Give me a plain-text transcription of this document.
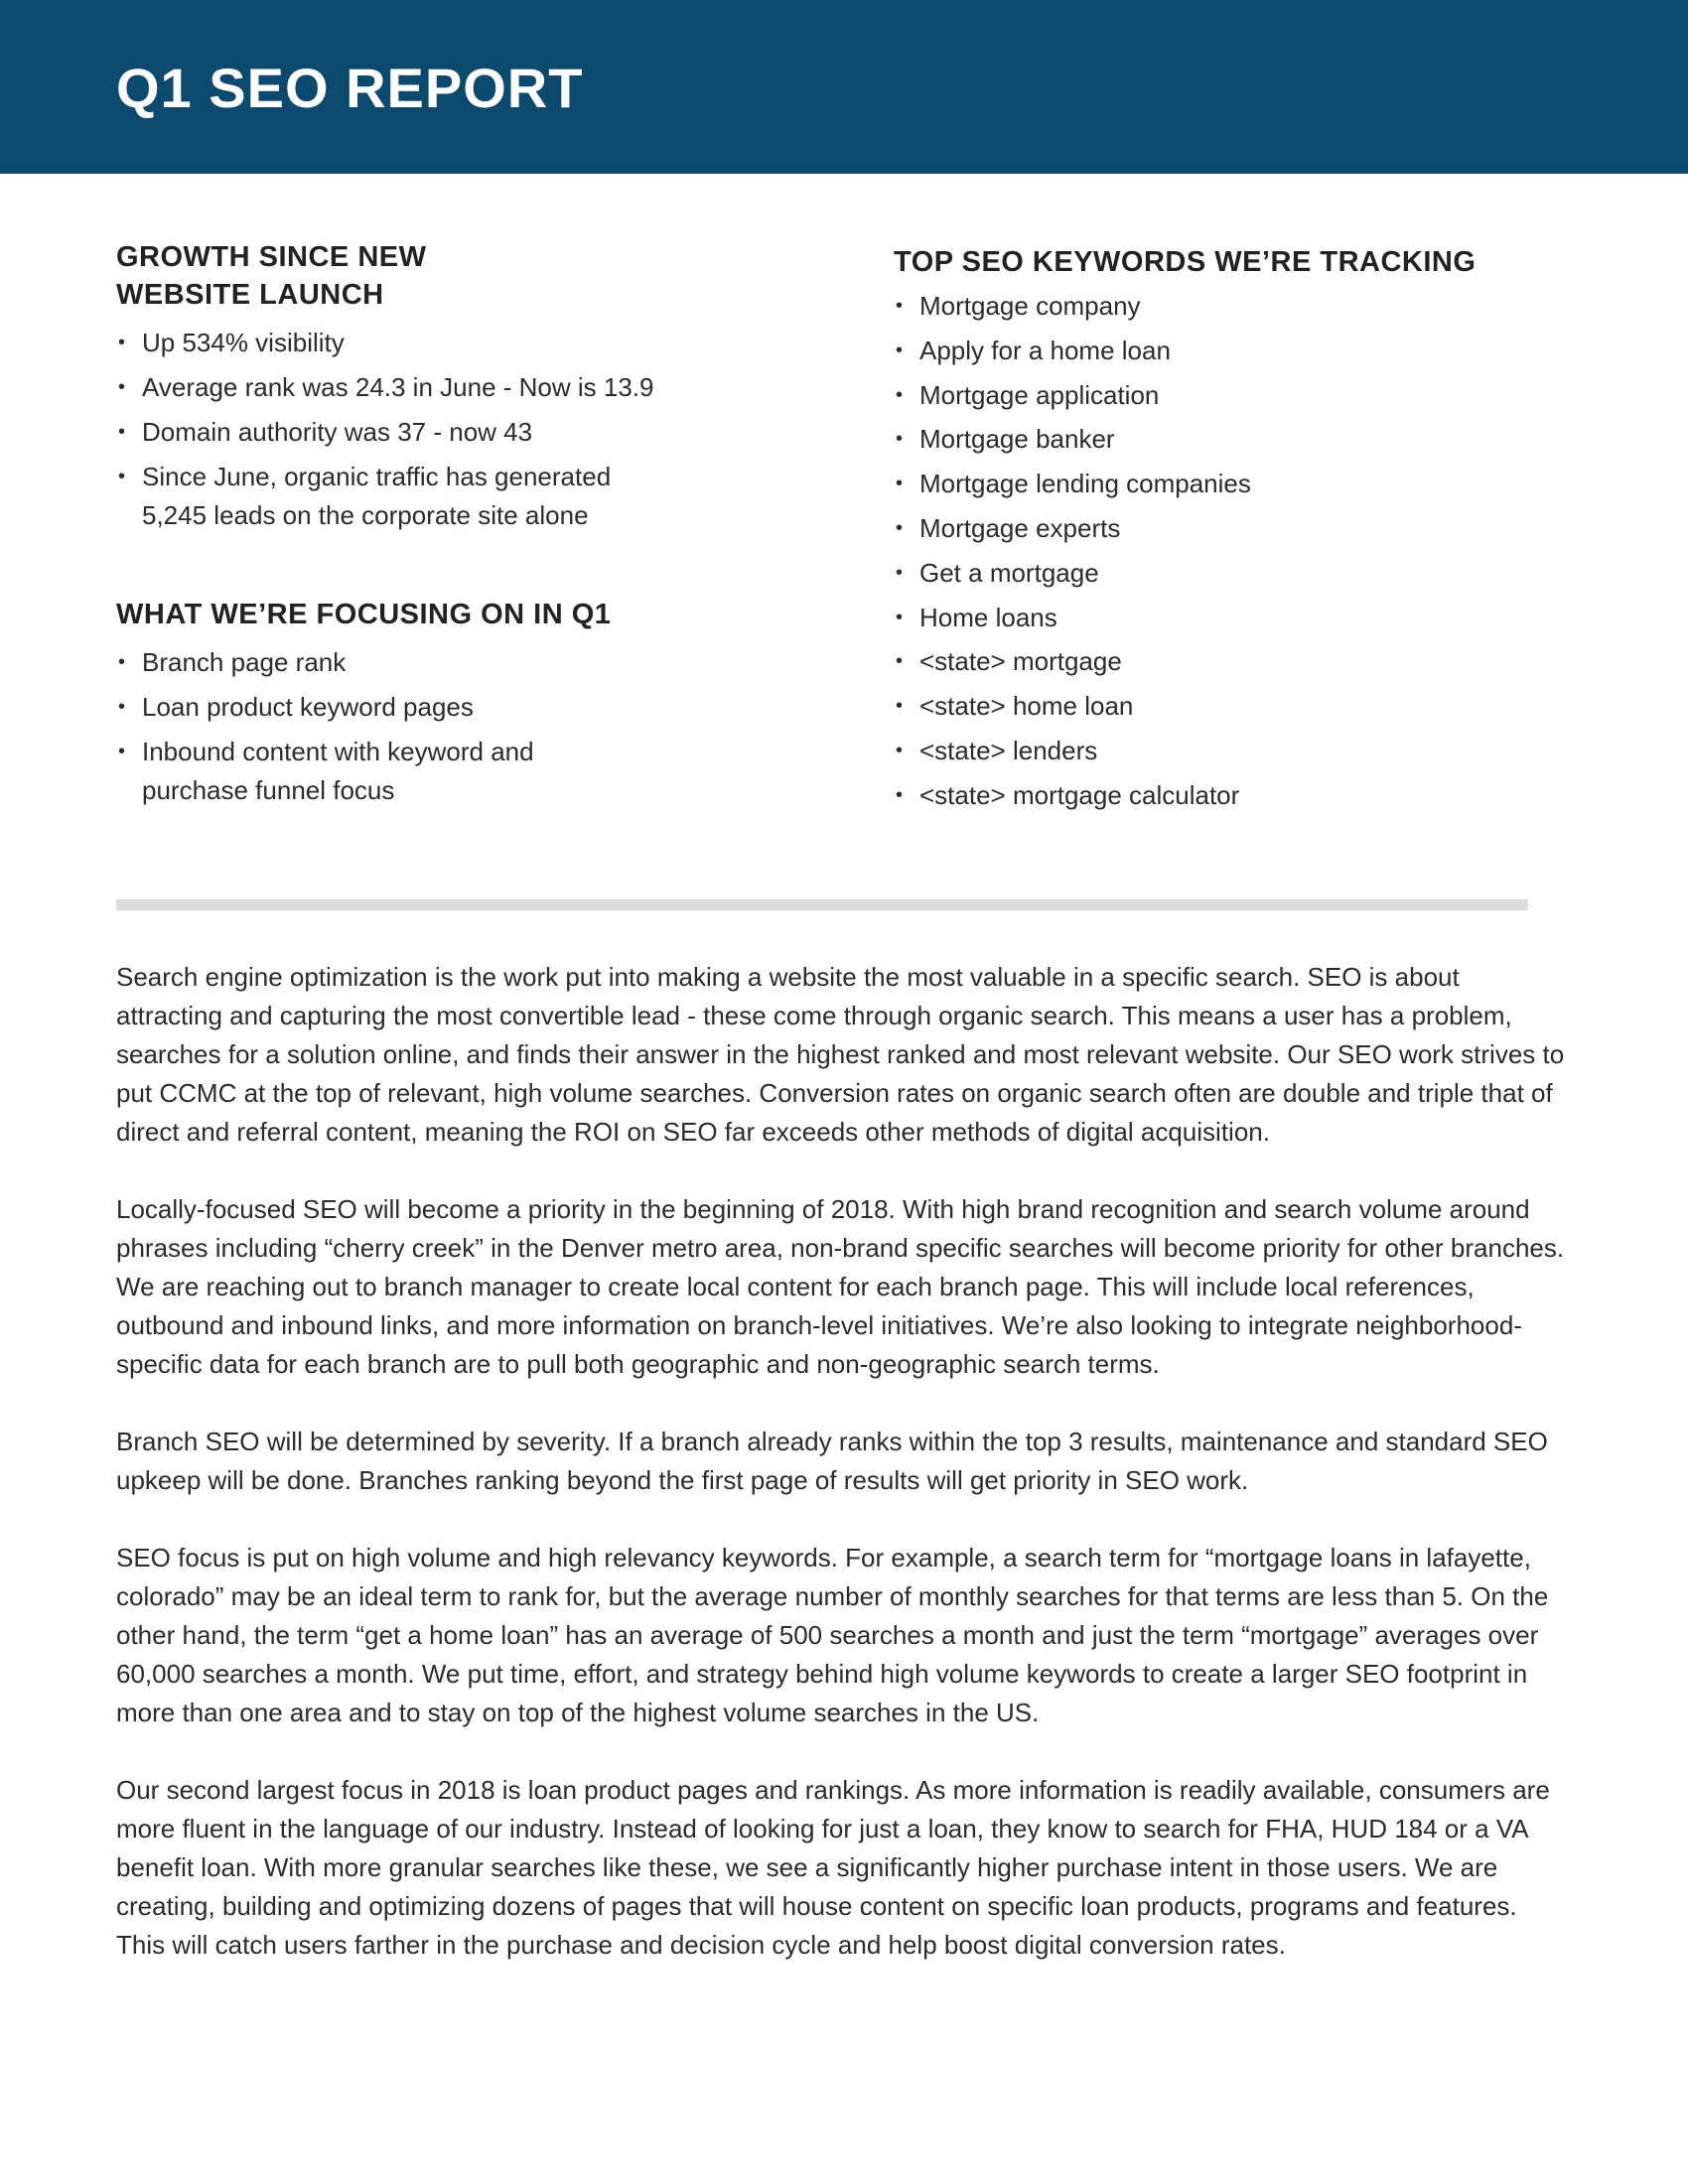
Q1 SEO REPORT
GROWTH SINCE NEW
WEBSITE LAUNCH
• Up 534% visibility
• Average rank was 24.3 in June - Now is 13.9
• Domain authority was 37 - now 43
• Since June, organic traffic has generated 5,245 leads on the corporate site alone
WHAT WE’RE FOCUSING ON IN Q1
• Branch page rank
• Loan product keyword pages
• Inbound content with keyword and purchase funnel focus
TOP SEO KEYWORDS WE’RE TRACKING
• Mortgage company
• Apply for a home loan
• Mortgage application
• Mortgage banker
• Mortgage lending companies
• Mortgage experts
• Get a mortgage
• Home loans
• <state> mortgage
• <state> home loan
• <state> lenders
• <state> mortgage calculator

Search engine optimization is the work put into making a website the most valuable in a specific search. SEO is about attracting and capturing the most convertible lead - these come through organic search. This means a user has a problem, searches for a solution online, and finds their answer in the highest ranked and most relevant website. Our SEO work strives to put CCMC at the top of relevant, high volume searches. Conversion rates on organic search often are double and triple that of direct and referral content, meaning the ROI on SEO far exceeds other methods of digital acquisition.

Locally-focused SEO will become a priority in the beginning of 2018. With high brand recognition and search volume around phrases including “cherry creek” in the Denver metro area, non-brand specific searches will become priority for other branches. We are reaching out to branch manager to create local content for each branch page. This will include local references, outbound and inbound links, and more information on branch-level initiatives. We’re also looking to integrate neighborhood-specific data for each branch are to pull both geographic and non-geographic search terms.

Branch SEO will be determined by severity. If a branch already ranks within the top 3 results, maintenance and standard SEO upkeep will be done. Branches ranking beyond the first page of results will get priority in SEO work.

SEO focus is put on high volume and high relevancy keywords. For example, a search term for “mortgage loans in lafayette, colorado” may be an ideal term to rank for, but the average number of monthly searches for that terms are less than 5. On the other hand, the term “get a home loan” has an average of 500 searches a month and just the term “mortgage” averages over 60,000 searches a month. We put time, effort, and strategy behind high volume keywords to create a larger SEO footprint in more than one area and to stay on top of the highest volume searches in the US.

Our second largest focus in 2018 is loan product pages and rankings. As more information is readily available, consumers are more fluent in the language of our industry. Instead of looking for just a loan, they know to search for FHA, HUD 184 or a VA benefit loan. With more granular searches like these, we see a significantly higher purchase intent in those users. We are creating, building and optimizing dozens of pages that will house content on specific loan products, programs and features. This will catch users farther in the purchase and decision cycle and help boost digital conversion rates.
